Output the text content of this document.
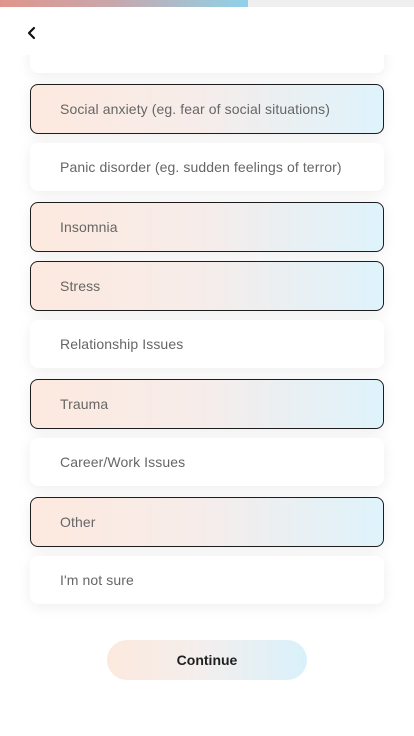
Social anxiety (eg. fear of social situations)
Panic disorder (eg. sudden feelings of terror)
Insomnia
Stress
Relationship Issues
Trauma
Career/Work Issues
Other
I'm not sure
Continue
